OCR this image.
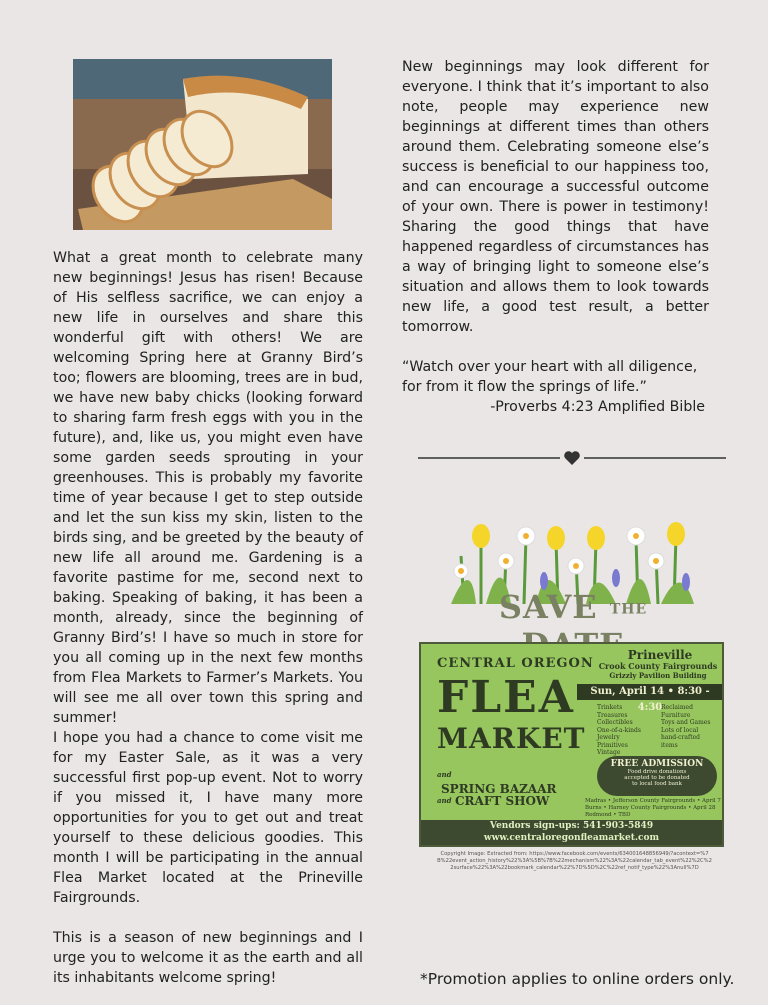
What a great month to celebrate many new beginnings! Jesus has risen! Because of His selfless sacrifice, we can enjoy a new life in ourselves and share this wonderful gift with others! We are welcoming Spring here at Granny Bird’s too; flowers are blooming, trees are in bud, we have new baby chicks (looking forward to sharing farm fresh eggs with you in the future), and, like us, you might even have some garden seeds sprouting in your greenhouses. This is probably my favorite time of year because I get to step outside and let the sun kiss my skin, listen to the birds sing, and be greeted by the beauty of new life all around me. Gardening is a favorite pastime for me, second next to baking. Speaking of baking, it has been a month, already, since the beginning of Granny Bird’s! I have so much in store for you all coming up in the next few months from Flea Markets to Farmer’s Markets. You will see me all over town this spring and summer!

I hope you had a chance to come visit me for my Easter Sale, as it was a very successful first pop-up event. Not to worry if you missed it, I have many more opportunities for you to get out and treat yourself to these delicious goodies. This month I will be participating in the annual Flea Market located at the Prineville Fairgrounds.

This is a season of new beginnings and I urge you to welcome it as the earth and all its inhabitants welcome spring!

New beginnings may look different for everyone. I think that it’s important to also note, people may experience new beginnings at different times than others around them. Celebrating someone else’s success is beneficial to our happiness too, and can encourage a successful outcome of your own. There is power in testimony! Sharing the good things that have happened regardless of circumstances has a way of bringing light to someone else’s situation and allows them to look towards new life, a good test result, a better tomorrow.

“Watch over your heart with all diligence, for from it flow the springs of life.”

-Proverbs 4:23 Amplified Bible

SAVE THE
CENTRAL OREGON
Prineville
Crook County Fairgrounds
Grizzly Pavilion Building
FLEA
MARKET
Sun, April 14 • 8:30 - 4:30
Trinkets
Treasures
Collectibles
One-of-a-kinds
Jewelry
Primitives
Vintage
Reclaimed
Furniture
Toys and Games
Lots of local
hand-crafted
items
and
SPRING BAZAAR
and CRAFT SHOW
FREE ADMISSION
Food drive donations
accepted to be donated
to local food bank
Madras • Jefferson County Fairgrounds • April 7
Burns • Harney County Fairgrounds • April 28
Redmond • TBD
Vendors sign-ups: 541-903-5849
www.centraloregonfleamarket.com
Copyright Image: Extracted from: https://www.facebook.com/events/634001648856949/?acontext=%7B%22event_action_history%22%3A%5B%7B%22mechanism%22%3A%22calendar_tab_event%22%2C%22surface%22%3A%22bookmark_calendar%22%7D%5D%2C%22ref_notif_type%22%3Anull%7D
*Promotion applies to online orders only.
